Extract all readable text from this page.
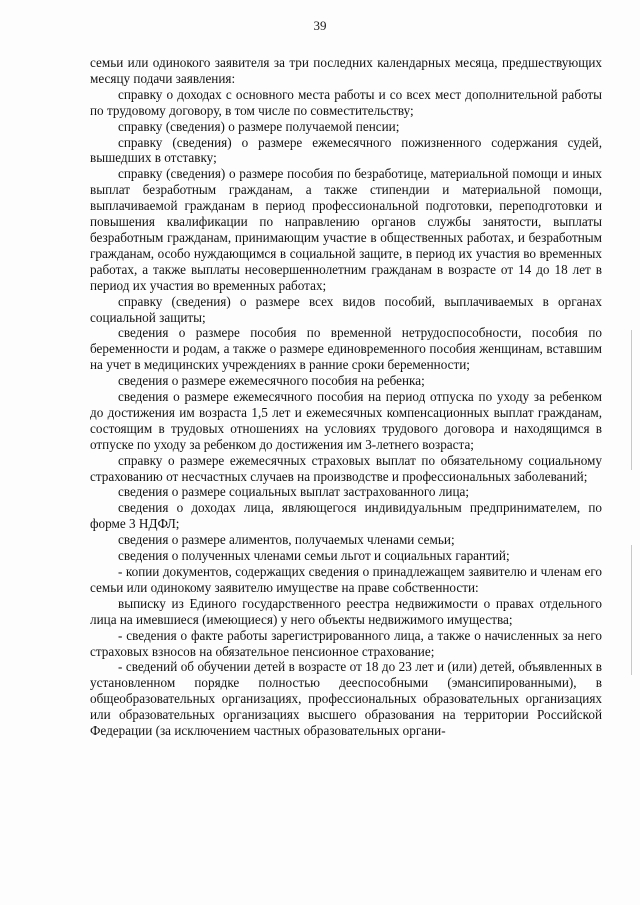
39

семьи или одинокого заявителя за три последних календарных месяца, предшествующих месяцу подачи заявления:

справку о доходах с основного места работы и со всех мест дополнительной работы по трудовому договору, в том числе по совместительству;

справку (сведения) о размере получаемой пенсии;

справку (сведения) о размере ежемесячного пожизненного содержания судей, вышедших в отставку;

справку (сведения) о размере пособия по безработице, материальной помощи и иных выплат безработным гражданам, а также стипендии и материальной помощи, выплачиваемой гражданам в период профессиональной подготовки, переподготовки и повышения квалификации по направлению органов службы занятости, выплаты безработным гражданам, принимающим участие в общественных работах, и безработным гражданам, особо нуждающимся в социальной защите, в период их участия во временных работах, а также выплаты несовершеннолетним гражданам в возрасте от 14 до 18 лет в период их участия во временных работах;

справку (сведения) о размере всех видов пособий, выплачиваемых в органах социальной защиты;

сведения о размере пособия по временной нетрудоспособности, пособия по беременности и родам, а также о размере единовременного пособия женщинам, вставшим на учет в медицинских учреждениях в ранние сроки беременности;

сведения о размере ежемесячного пособия на ребенка;

сведения о размере ежемесячного пособия на период отпуска по уходу за ребенком до достижения им возраста 1,5 лет и ежемесячных компенсационных выплат гражданам, состоящим в трудовых отношениях на условиях трудового договора и находящимся в отпуске по уходу за ребенком до достижения им 3-летнего возраста;

справку о размере ежемесячных страховых выплат по обязательному социальному страхованию от несчастных случаев на производстве и профессиональных заболеваний;

сведения о размере социальных выплат застрахованного лица;

сведения о доходах лица, являющегося индивидуальным предпринимателем, по форме 3 НДФЛ;

сведения о размере алиментов, получаемых членами семьи;

сведения о полученных членами семьи льгот и социальных гарантий;

- копии документов, содержащих сведения о принадлежащем заявителю и членам его семьи или одинокому заявителю имуществе на праве собственности:

выписку из Единого государственного реестра недвижимости о правах отдельного лица на имевшиеся (имеющиеся) у него объекты недвижимого имущества;

- сведения о факте работы зарегистрированного лица, а также о начисленных за него страховых взносов на обязательное пенсионное страхование;

- сведений об обучении детей в возрасте от 18 до 23 лет и (или) детей, объявленных в установленном порядке полностью дееспособными (эмансипированными), в общеобразовательных организациях, профессиональных образовательных организациях или образовательных организациях высшего образования на территории Российской Федерации (за исключением частных образовательных органи-
